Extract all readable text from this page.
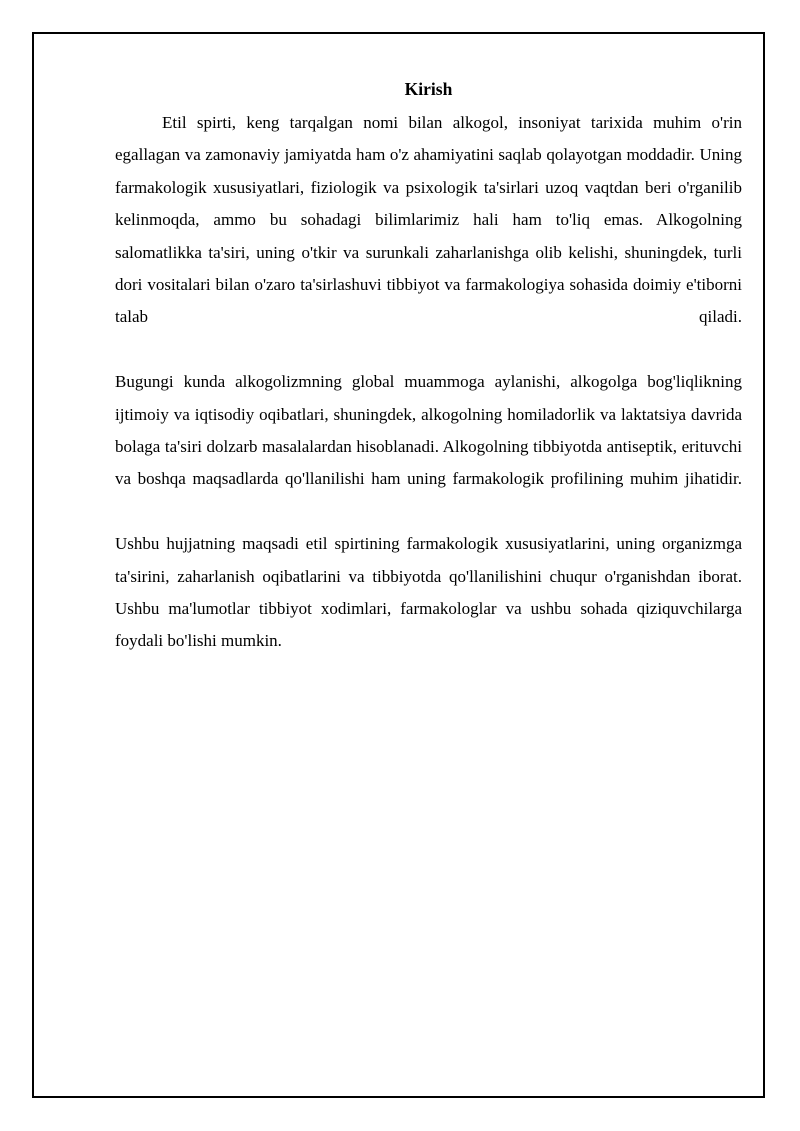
Kirish

Etil spirti, keng tarqalgan nomi bilan alkogol, insoniyat tarixida muhim o'rin egallagan va zamonaviy jamiyatda ham o'z ahamiyatini saqlab qolayotgan moddadir. Uning farmakologik xususiyatlari, fiziologik va psixologik ta'sirlari uzoq vaqtdan beri o'rganilib kelinmoqda, ammo bu sohadagi bilimlarimiz hali ham to'liq emas. Alkogolning salomatlikka ta'siri, uning o'tkir va surunkali zaharlanishga olib kelishi, shuningdek, turli dori vositalari bilan o'zaro ta'sirlashuvi tibbiyot va farmakologiya sohasida doimiy e'tiborni talab qiladi.

Bugungi kunda alkogolizmning global muammoga aylanishi, alkogolga bog'liqlikning ijtimoiy va iqtisodiy oqibatlari, shuningdek, alkogolning homiladorlik va laktatsiya davrida bolaga ta'siri dolzarb masalalardan hisoblanadi. Alkogolning tibbiyotda antiseptik, erituvchi va boshqa maqsadlarda qo'llanilishi ham uning farmakologik profilining muhim jihatidir.

Ushbu hujjatning maqsadi etil spirtining farmakologik xususiyatlarini, uning organizmga ta'sirini, zaharlanish oqibatlarini va tibbiyotda qo'llanilishini chuqur o'rganishdan iborat. Ushbu ma'lumotlar tibbiyot xodimlari, farmakologlar va ushbu sohada qiziquvchilarga foydali bo'lishi mumkin.
